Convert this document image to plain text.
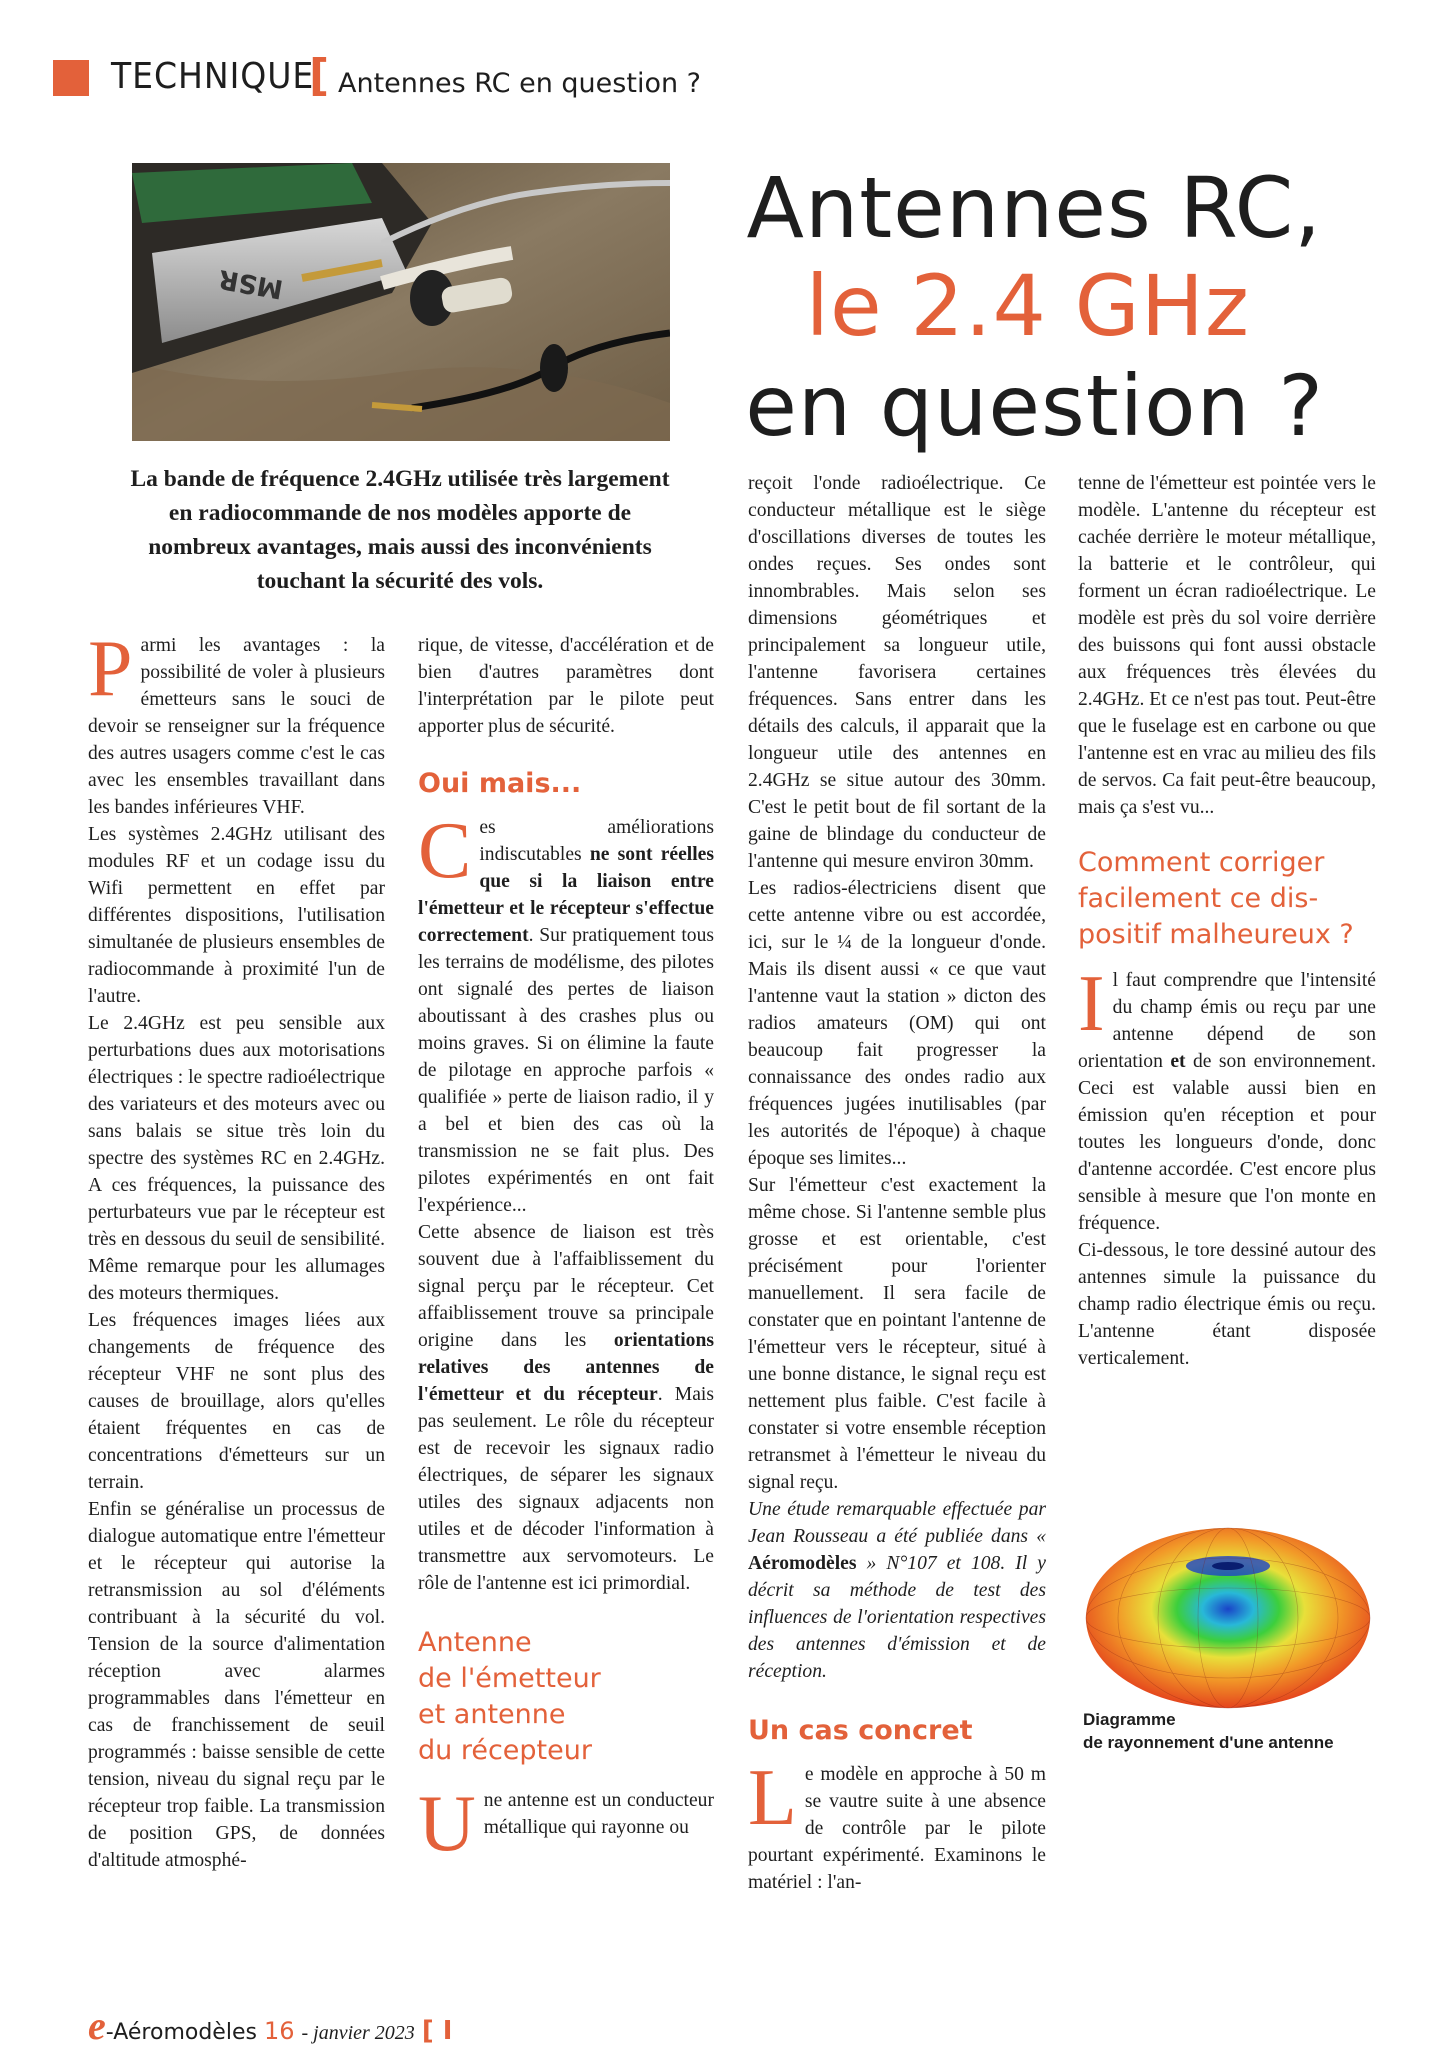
TECHNIQUE
[ Antennes RC en question ?
MSR
Antennes RC,
le 2.4 GHz
en question ?
La bande de fréquence 2.4GHz utilisée très largement en radiocommande de nos modèles apporte de nombreux avantages, mais aussi des inconvénients touchant la sécurité des vols.

Parmi les avantages : la possibilité de voler à plusieurs émetteurs sans le souci de devoir se renseigner sur la fréquence des autres usagers comme c'est le cas avec les ensembles travaillant dans les bandes inférieures VHF.

Les systèmes 2.4GHz utilisant des modules RF et un codage issu du Wifi permettent en effet par différentes dispositions, l'utilisation simultanée de plusieurs ensembles de radiocommande à proximité l'un de l'autre.

Le 2.4GHz est peu sensible aux perturbations dues aux motorisations électriques : le spectre radioélectrique des variateurs et des moteurs avec ou sans balais se situe très loin du spectre des systèmes RC en 2.4GHz. A ces fréquences, la puissance des perturbateurs vue par le récepteur est très en dessous du seuil de sensibilité. Même remarque pour les allumages des moteurs thermiques.

Les fréquences images liées aux changements de fréquence des récepteur VHF ne sont plus des causes de brouillage, alors qu'elles étaient fréquentes en cas de concentrations d'émetteurs sur un terrain.

Enfin se généralise un processus de dialogue automatique entre l'émetteur et le récepteur qui autorise la retransmission au sol d'éléments contribuant à la sécurité du vol. Tension de la source d'alimentation réception avec alarmes programmables dans l'émetteur en cas de franchissement de seuil programmés : baisse sensible de cette tension, niveau du signal reçu par le récepteur trop faible. La transmission de position GPS, de données d'altitude atmosphé-

rique, de vitesse, d'accélération et de bien d'autres paramètres dont l'interprétation par le pilote peut apporter plus de sécurité.

Oui mais...

Ces améliorations indiscutables ne sont réelles que si la liaison entre l'émetteur et le récepteur s'effectue correctement. Sur pratiquement tous les terrains de modélisme, des pilotes ont signalé des pertes de liaison aboutissant à des crashes plus ou moins graves. Si on élimine la faute de pilotage en approche parfois « qualifiée » perte de liaison radio, il y a bel et bien des cas où la transmission ne se fait plus. Des pilotes expérimentés en ont fait l'expérience...

Cette absence de liaison est très souvent due à l'affaiblissement du signal perçu par le récepteur. Cet affaiblissement trouve sa principale origine dans les orientations relatives des antennes de l'émetteur et du récepteur. Mais pas seulement. Le rôle du récepteur est de recevoir les signaux radio électriques, de séparer les signaux utiles des signaux adjacents non utiles et de décoder l'information à transmettre aux servomoteurs. Le rôle de l'antenne est ici primordial.

Antenne
de l'émetteur
et antenne
du récepteur

Une antenne est un conducteur métallique qui rayonne ou

reçoit l'onde radioélectrique. Ce conducteur métallique est le siège d'oscillations diverses de toutes les ondes reçues. Ses ondes sont innombrables. Mais selon ses dimensions géométriques et principalement sa longueur utile, l'antenne favorisera certaines fréquences. Sans entrer dans les détails des calculs, il apparait que la longueur utile des antennes en 2.4GHz se situe autour des 30mm. C'est le petit bout de fil sortant de la gaine de blindage du conducteur de l'antenne qui mesure environ 30mm.

Les radios-électriciens disent que cette antenne vibre ou est accordée, ici, sur le ¼ de la longueur d'onde. Mais ils disent aussi « ce que vaut l'antenne vaut la station » dicton des radios amateurs (OM) qui ont beaucoup fait progresser la connaissance des ondes radio aux fréquences jugées inutilisables (par les autorités de l'époque) à chaque époque ses limites...

Sur l'émetteur c'est exactement la même chose. Si l'antenne semble plus grosse et est orientable, c'est précisément pour l'orienter manuellement. Il sera facile de constater que en pointant l'antenne de l'émetteur vers le récepteur, situé à une bonne distance, le signal reçu est nettement plus faible. C'est facile à constater si votre ensemble réception retransmet à l'émetteur le niveau du signal reçu.

Une étude remarquable effectuée par Jean Rousseau a été publiée dans « Aéromodèles » N°107 et 108. Il y décrit sa méthode de test des influences de l'orientation respectives des antennes d'émission et de réception.

Un cas concret

Le modèle en approche à 50 m se vautre suite à une absence de contrôle par le pilote pourtant expérimenté. Examinons le matériel : l'an-

tenne de l'émetteur est pointée vers le modèle. L'antenne du récepteur est cachée derrière le moteur métallique, la batterie et le contrôleur, qui forment un écran radioélectrique. Le modèle est près du sol voire derrière des buissons qui font aussi obstacle aux fréquences très élevées du 2.4GHz. Et ce n'est pas tout. Peut-être que le fuselage est en carbone ou que l'antenne est en vrac au milieu des fils de servos. Ca fait peut-être beaucoup, mais ça s'est vu...

Comment corriger
facilement ce dis-
positif malheureux ?

Il faut comprendre que l'intensité du champ émis ou reçu par une antenne dépend de son orientation et de son environnement. Ceci est valable aussi bien en émission qu'en réception et pour toutes les longueurs d'onde, donc d'antenne accordée. C'est encore plus sensible à mesure que l'on monte en fréquence.

Ci-dessous, le tore dessiné autour des antennes simule la puissance du champ radio électrique émis ou reçu. L'antenne étant disposée verticalement.

Diagramme
de rayonnement d'une antenne
e-Aéromodèles 16 - janvier 2023 [ I
